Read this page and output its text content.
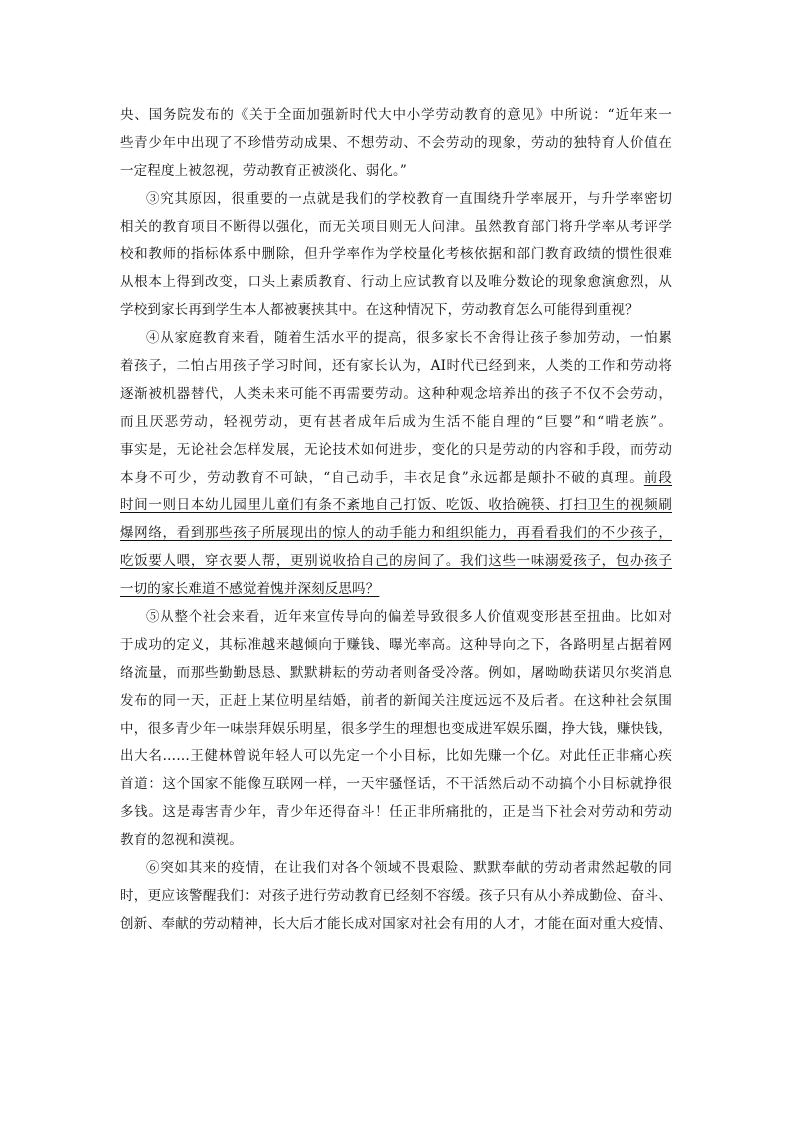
央、国务院发布的《关于全面加强新时代大中小学劳动教育的意见》中所说：“近年来一
些青少年中出现了不珍惜劳动成果、不想劳动、不会劳动的现象，劳动的独特育人价值在
一定程度上被忽视，劳动教育正被淡化、弱化。”
③究其原因，很重要的一点就是我们的学校教育一直围绕升学率展开，与升学率密切
相关的教育项目不断得以强化，而无关项目则无人问津。虽然教育部门将升学率从考评学
校和教师的指标体系中删除，但升学率作为学校量化考核依据和部门教育政绩的惯性很难
从根本上得到改变，口头上素质教育、行动上应试教育以及唯分数论的现象愈演愈烈，从
学校到家长再到学生本人都被裹挟其中。在这种情况下，劳动教育怎么可能得到重视？
④从家庭教育来看，随着生活水平的提高，很多家长不舍得让孩子参加劳动，一怕累
着孩子，二怕占用孩子学习时间，还有家长认为，AI时代已经到来，人类的工作和劳动将
逐渐被机器替代，人类未来可能不再需要劳动。这种种观念培养出的孩子不仅不会劳动，
而且厌恶劳动，轻视劳动，更有甚者成年后成为生活不能自理的“巨婴”和“啃老族”。
事实是，无论社会怎样发展，无论技术如何进步，变化的只是劳动的内容和手段，而劳动
本身不可少，劳动教育不可缺，“自己动手，丰衣足食”永远都是颠扑不破的真理。前段
时间一则日本幼儿园里儿童们有条不紊地自己打饭、吃饭、收拾碗筷、打扫卫生的视频刷
爆网络，看到那些孩子所展现出的惊人的动手能力和组织能力，再看看我们的不少孩子，
吃饭要人喂，穿衣要人帮，更别说收拾自己的房间了。我们这些一味溺爱孩子，包办孩子
一切的家长难道不感觉着愧并深刻反思吗？
⑤从整个社会来看，近年来宣传导向的偏差导致很多人价值观变形甚至扭曲。比如对
于成功的定义，其标准越来越倾向于赚钱、曝光率高。这种导向之下，各路明星占据着网
络流量，而那些勤勤恳恳、默默耕耘的劳动者则备受冷落。例如，屠呦呦获诺贝尔奖消息
发布的同一天，正赶上某位明星结婚，前者的新闻关注度远远不及后者。在这种社会氛围
中，很多青少年一味崇拜娱乐明星，很多学生的理想也变成进军娱乐圈，挣大钱，赚快钱，
出大名……王健林曾说年轻人可以先定一个小目标，比如先赚一个亿。对此任正非痛心疾
首道：这个国家不能像互联网一样，一天牢骚怪话，不干活然后动不动搞个小目标就挣很
多钱。这是毒害青少年，青少年还得奋斗！任正非所痛批的，正是当下社会对劳动和劳动
教育的忽视和漠视。
⑥突如其来的疫情，在让我们对各个领域不畏艰险、默默奉献的劳动者肃然起敬的同
时，更应该警醒我们：对孩子进行劳动教育已经刻不容缓。孩子只有从小养成勤俭、奋斗、
创新、奉献的劳动精神，长大后才能长成对国家对社会有用的人才，才能在面对重大疫情、
